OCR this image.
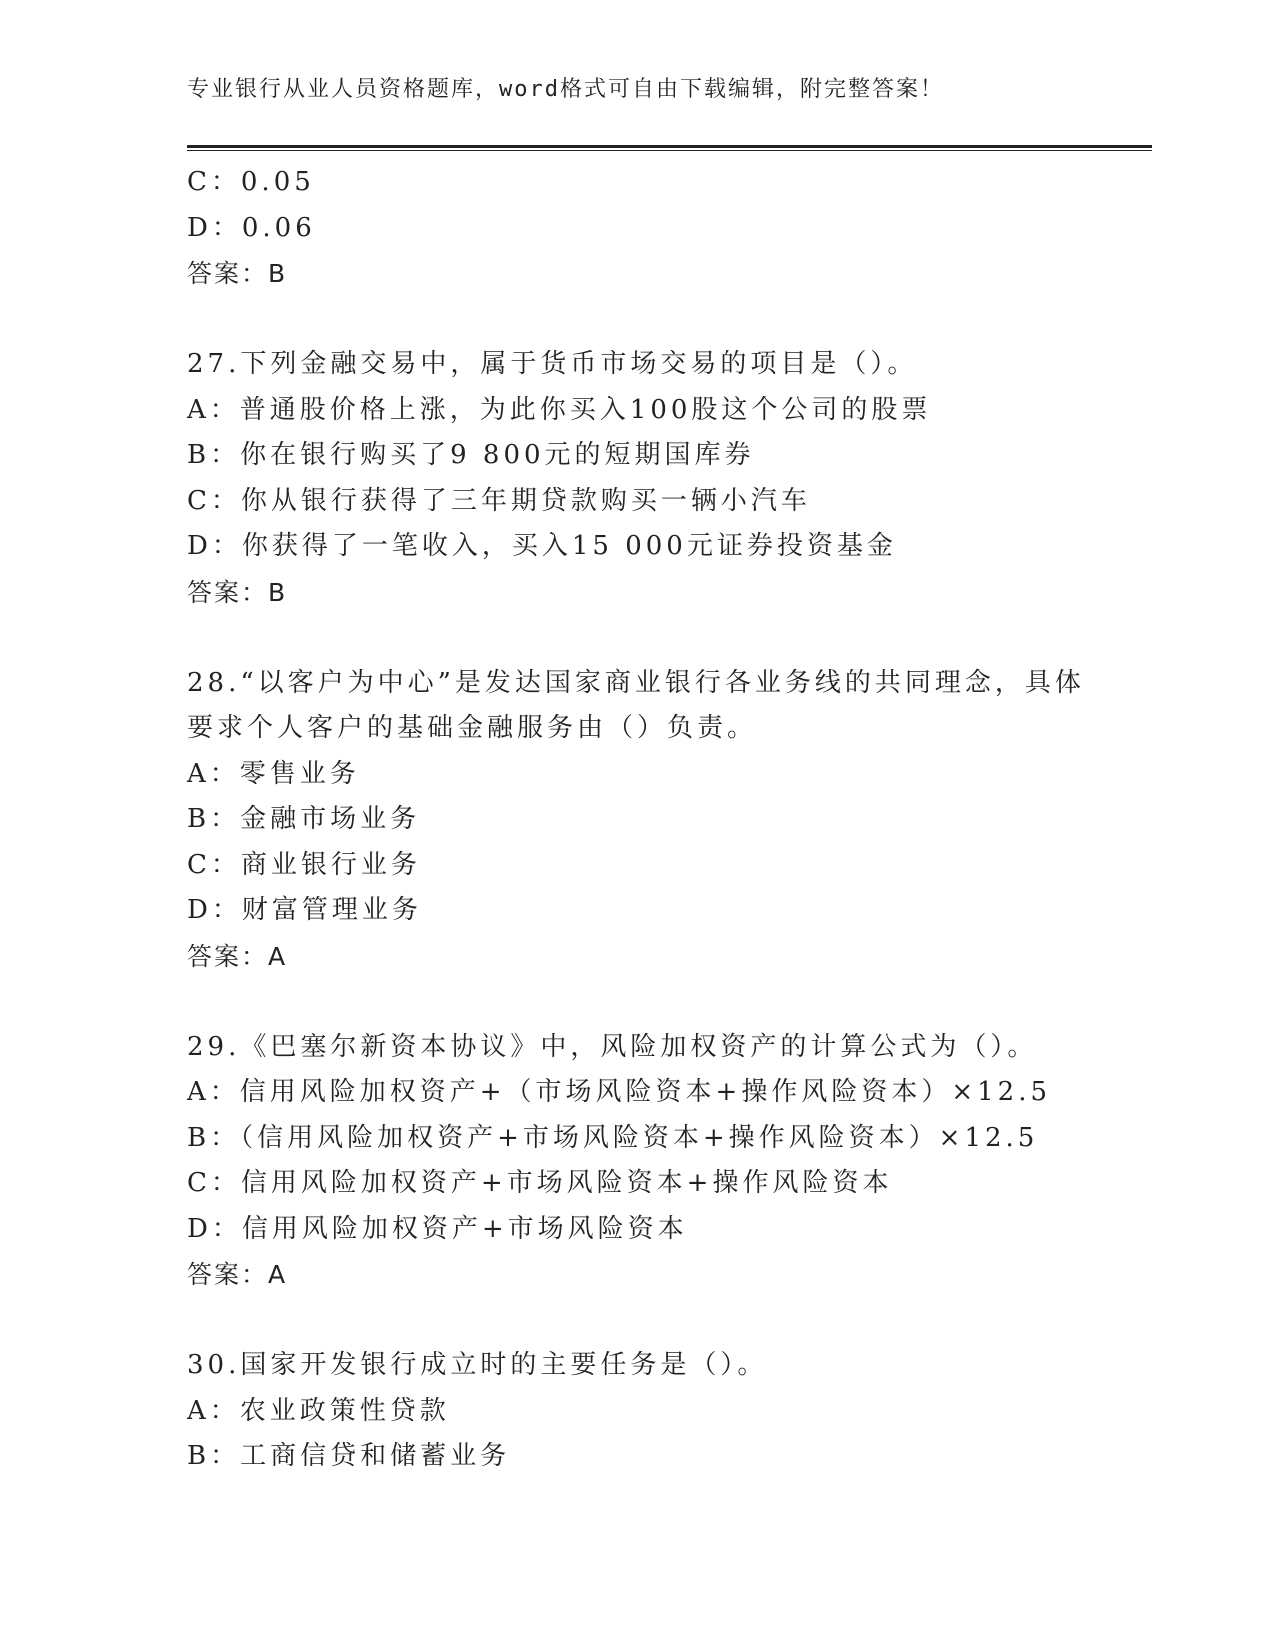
专业银行从业人员资格题库，word格式可自由下载编辑，附完整答案！
C：0.05
D：0.06
答案：B
27.下列金融交易中，属于货币市场交易的项目是（）。
A：普通股价格上涨，为此你买入100股这个公司的股票
B：你在银行购买了9 800元的短期国库券
C：你从银行获得了三年期贷款购买一辆小汽车
D：你获得了一笔收入，买入15 000元证券投资基金
答案：B
28.“以客户为中心”是发达国家商业银行各业务线的共同理念，具体
要求个人客户的基础金融服务由（）负责。
A：零售业务
B：金融市场业务
C：商业银行业务
D：财富管理业务
答案：A
29.《巴塞尔新资本协议》中，风险加权资产的计算公式为（）。
A：信用风险加权资产+（市场风险资本+操作风险资本）×12.5
B：（信用风险加权资产+市场风险资本+操作风险资本）×12.5
C：信用风险加权资产+市场风险资本+操作风险资本
D：信用风险加权资产+市场风险资本
答案：A
30.国家开发银行成立时的主要任务是（）。
A：农业政策性贷款
B：工商信贷和储蓄业务
